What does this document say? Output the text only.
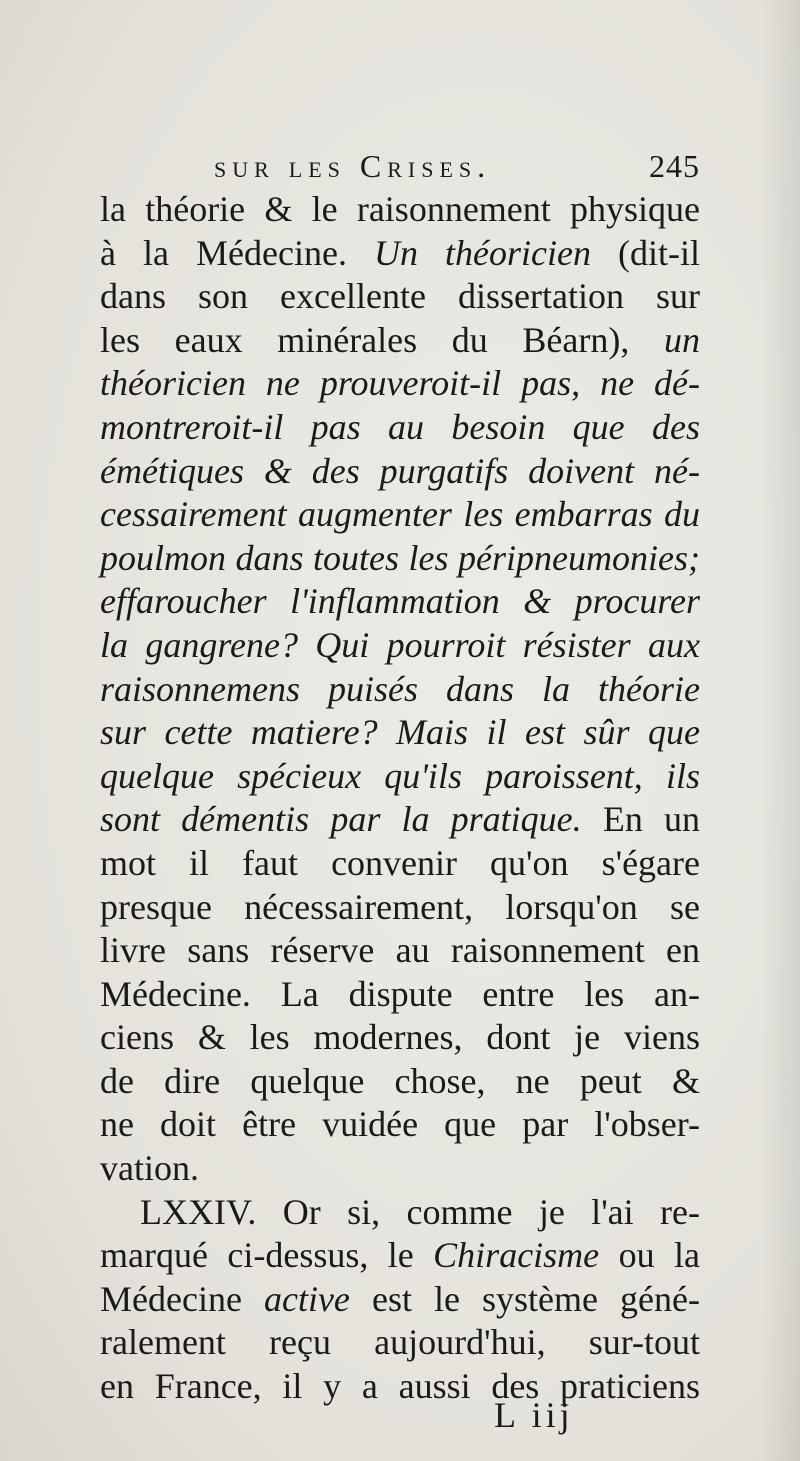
sur les Crises.	245
la théorie & le raisonnement physique
à la Médecine. Un théoricien (dit-il
dans son excellente dissertation sur
les eaux minérales du Béarn), un
théoricien ne prouveroit-il pas, ne dé-
montreroit-il pas au besoin que des
émétiques & des purgatifs doivent né-
cessairement augmenter les embarras du
poulmon dans toutes les péripneumonies;
effaroucher l'inflammation & procurer
la gangrene? Qui pourroit résister aux
raisonnemens puisés dans la théorie
sur cette matiere? Mais il est sûr que
quelque spécieux qu'ils paroissent, ils
sont démentis par la pratique. En un
mot il faut convenir qu'on s'égare
presque nécessairement, lorsqu'on se
livre sans réserve au raisonnement en
Médecine. La dispute entre les an-
ciens & les modernes, dont je viens
de dire quelque chose, ne peut &
ne doit être vuidée que par l'obser-
vation.
LXXIV. Or si, comme je l'ai re-
marqué ci-dessus, le Chiracisme ou la
Médecine active est le système géné-
ralement reçu aujourd'hui, sur-tout
en France, il y a aussi des praticiens
L iij
